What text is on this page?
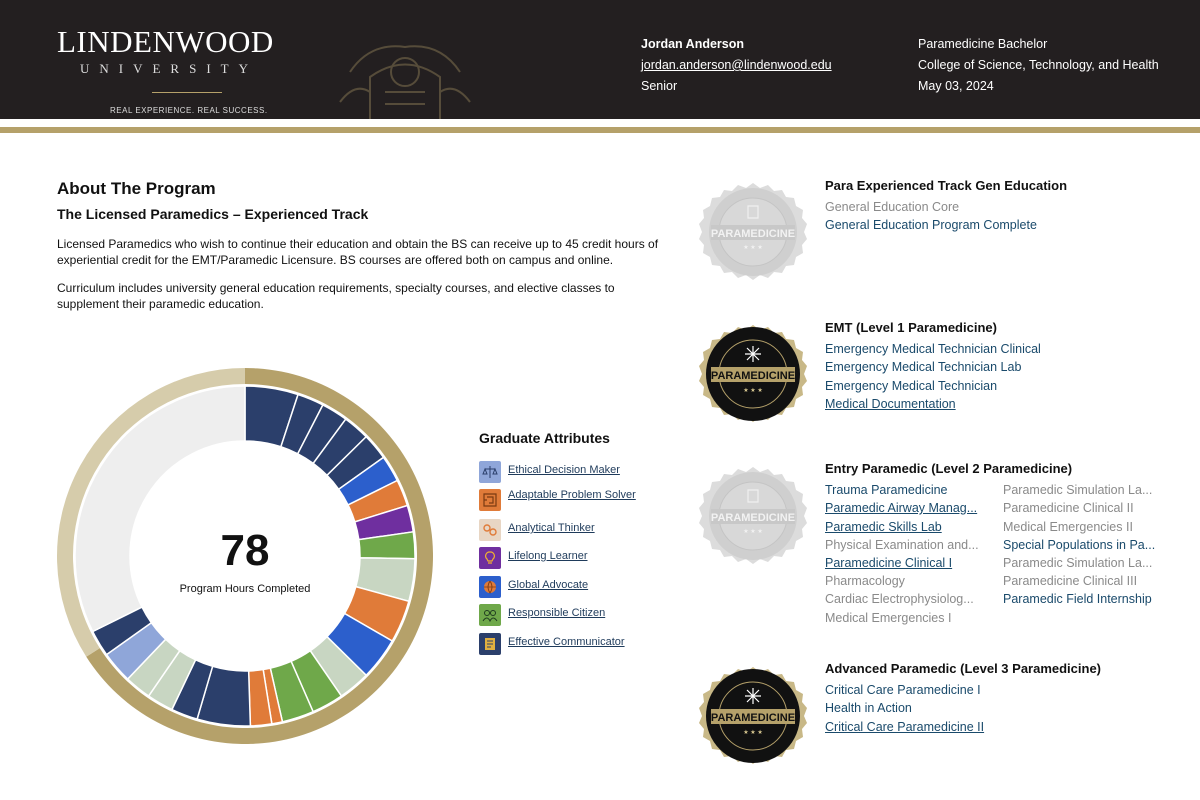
LINDENWOOD
UNIVERSITY
REAL EXPERIENCE. REAL SUCCESS.
Jordan Anderson
jordan.anderson@lindenwood.edu
Senior
Paramedicine Bachelor
College of Science, Technology, and Health
May 03, 2024
About The Program
The Licensed Paramedics – Experienced Track
Licensed Paramedics who wish to continue their education and obtain the BS can receive up to 45 credit hours of experiential credit for the EMT/Paramedic Licensure. BS courses are offered both on campus and online.
Curriculum includes university general education requirements, specialty courses, and elective classes to supplement their paramedic education.
78
Program Hours Completed
Graduate Attributes
Ethical Decision Maker
Adaptable Problem Solver
Analytical Thinker
Lifelong Learner
Global Advocate
Responsible Citizen
Effective Communicator
Para Experienced Track Gen Education
General Education Core
General Education Program Complete
EMT (Level 1 Paramedicine)
Emergency Medical Technician Clinical
Emergency Medical Technician Lab
Emergency Medical Technician
Medical Documentation
Entry Paramedic (Level 2 Paramedicine)
Trauma Paramedicine
Paramedic Airway Manag...
Paramedic Skills Lab
Physical Examination and...
Paramedicine Clinical I
Pharmacology
Cardiac Electrophysiolog...
Medical Emergencies I
Paramedic Simulation La...
Paramedicine Clinical II
Medical Emergencies II
Special Populations in Pa...
Paramedic Simulation La...
Paramedicine Clinical III
Paramedic Field Internship
Advanced Paramedic (Level 3 Paramedicine)
Critical Care Paramedicine I
Health in Action
Critical Care Paramedicine II
